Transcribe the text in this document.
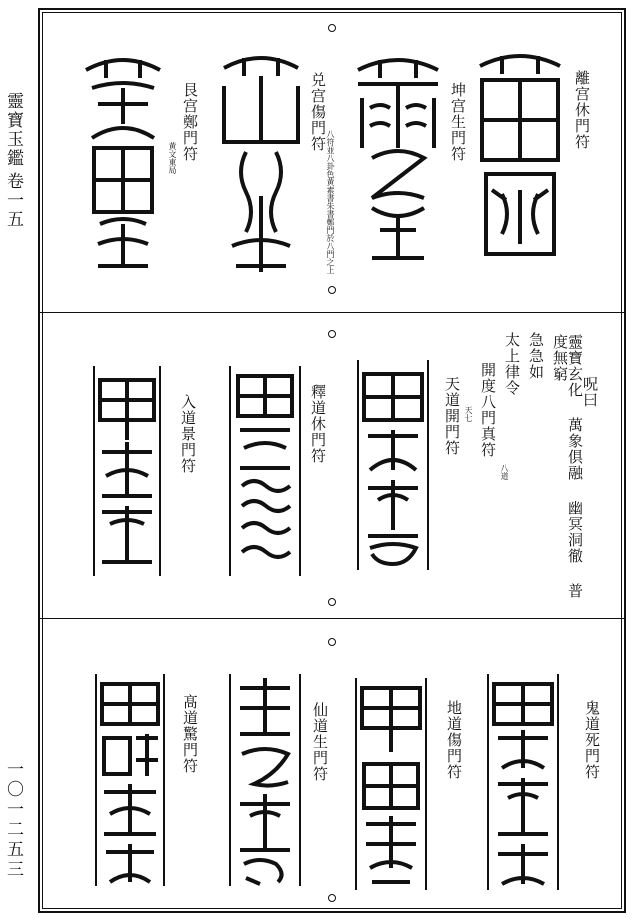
靈寶玉鑑
卷一五
一〇一二五三
離宫休門符
坤宫生門符
兑宫傷門符
八符並八卦色黄素書朱書鄭門於八門之上
艮宫鄭門符
黄文東局
呪曰
靈寶玄化 萬象俱融 幽冥洞徹 普度無窮
急急如
太上律令
開度八門真符
八道
天道開門符 天七
釋道休門符
入道景門符
鬼道死門符
地道傷門符
仙道生門符
髙道驚門符
